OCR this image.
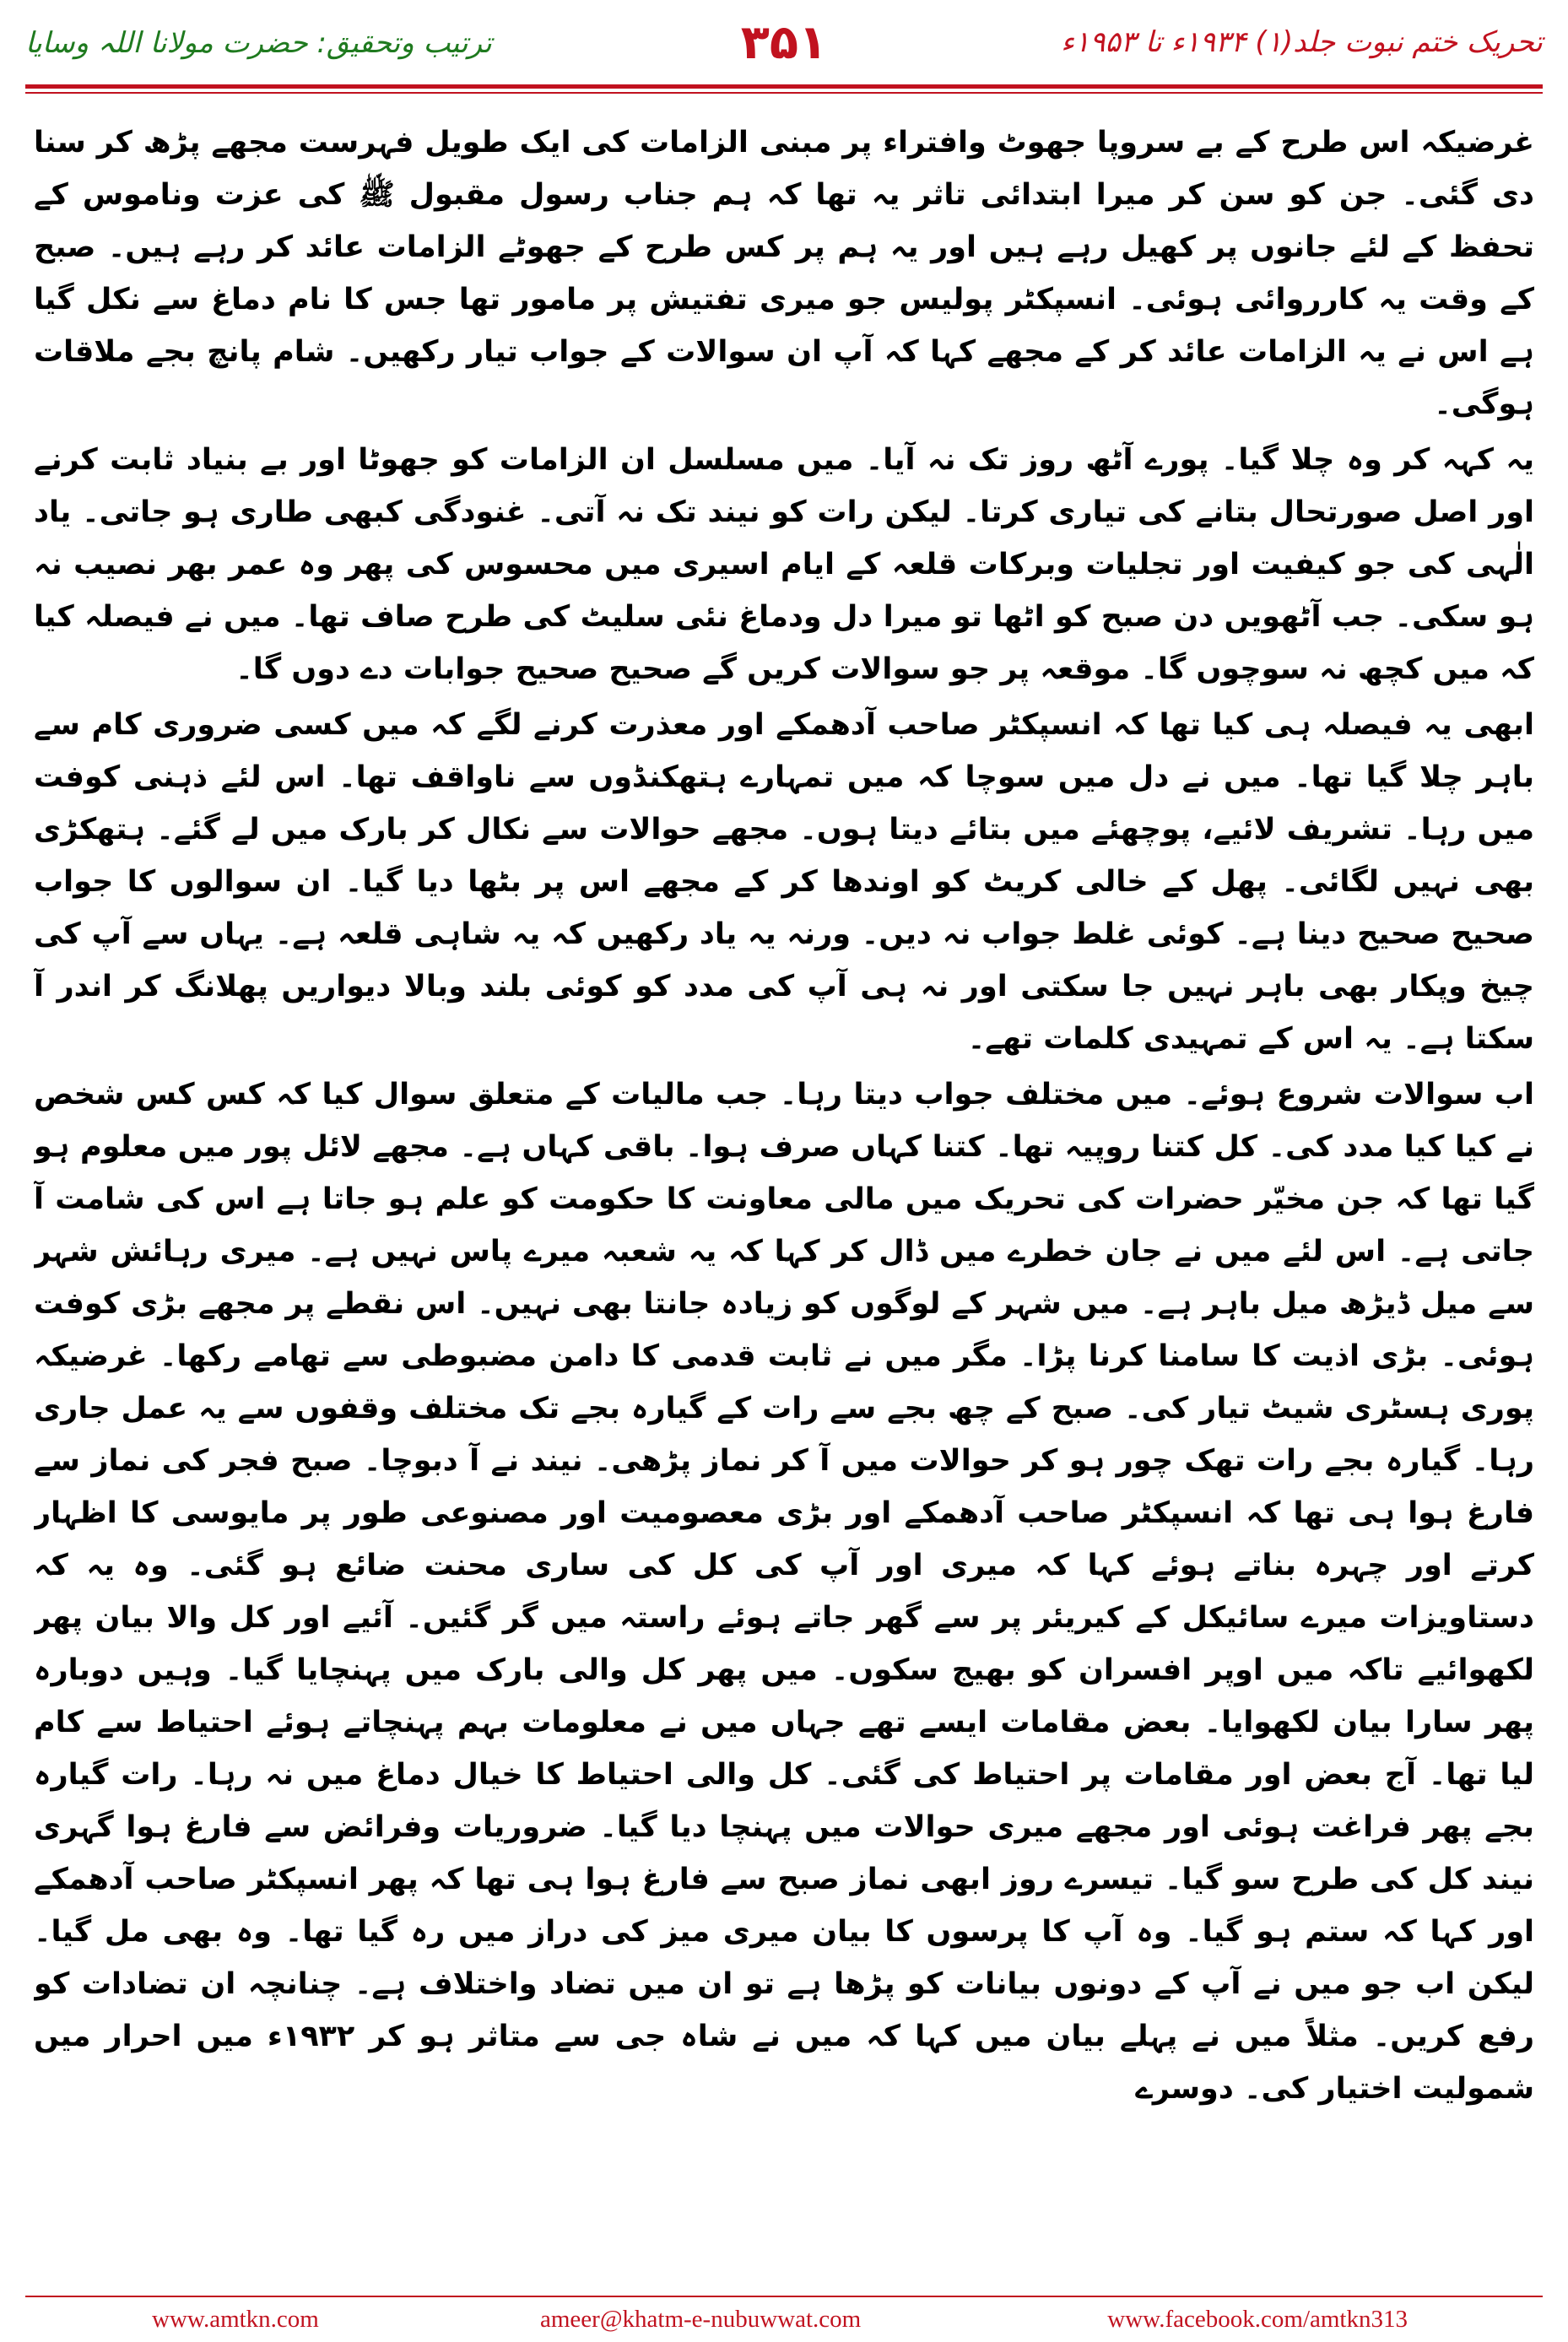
تحریک ختم نبوت جلد(۱) ۱۹۳۴ء تا ۱۹۵۳ء
۳۵۱
ترتیب وتحقیق: حضرت مولانا اللہ وسایا

غرضیکہ اس طرح کے بے سروپا جھوٹ وافتراء پر مبنی الزامات کی ایک طویل فہرست مجھے پڑھ کر سنا دی گئی۔ جن کو سن کر میرا ابتدائی تاثر یہ تھا کہ ہم جناب رسول مقبول ﷺ کی عزت وناموس کے تحفظ کے لئے جانوں پر کھیل رہے ہیں اور یہ ہم پر کس طرح کے جھوٹے الزامات عائد کر رہے ہیں۔ صبح کے وقت یہ کارروائی ہوئی۔ انسپکٹر پولیس جو میری تفتیش پر مامور تھا جس کا نام دماغ سے نکل گیا ہے اس نے یہ الزامات عائد کر کے مجھے کہا کہ آپ ان سوالات کے جواب تیار رکھیں۔ شام پانچ بجے ملاقات ہوگی۔

یہ کہہ کر وہ چلا گیا۔ پورے آٹھ روز تک نہ آیا۔ میں مسلسل ان الزامات کو جھوٹا اور بے بنیاد ثابت کرنے اور اصل صورتحال بتانے کی تیاری کرتا۔ لیکن رات کو نیند تک نہ آتی۔ غنودگی کبھی طاری ہو جاتی۔ یاد الٰہی کی جو کیفیت اور تجلیات وبرکات قلعہ کے ایام اسیری میں محسوس کی پھر وہ عمر بھر نصیب نہ ہو سکی۔ جب آٹھویں دن صبح کو اٹھا تو میرا دل ودماغ نئی سلیٹ کی طرح صاف تھا۔ میں نے فیصلہ کیا کہ میں کچھ نہ سوچوں گا۔ موقعہ پر جو سوالات کریں گے صحیح صحیح جوابات دے دوں گا۔

ابھی یہ فیصلہ ہی کیا تھا کہ انسپکٹر صاحب آدھمکے اور معذرت کرنے لگے کہ میں کسی ضروری کام سے باہر چلا گیا تھا۔ میں نے دل میں سوچا کہ میں تمہارے ہتھکنڈوں سے ناواقف تھا۔ اس لئے ذہنی کوفت میں رہا۔ تشریف لائیے، پوچھئے میں بتائے دیتا ہوں۔ مجھے حوالات سے نکال کر بارک میں لے گئے۔ ہتھکڑی بھی نہیں لگائی۔ پھل کے خالی کریٹ کو اوندھا کر کے مجھے اس پر بٹھا دیا گیا۔ ان سوالوں کا جواب صحیح صحیح دینا ہے۔ کوئی غلط جواب نہ دیں۔ ورنہ یہ یاد رکھیں کہ یہ شاہی قلعہ ہے۔ یہاں سے آپ کی چیخ وپکار بھی باہر نہیں جا سکتی اور نہ ہی آپ کی مدد کو کوئی بلند وبالا دیواریں پھلانگ کر اندر آ سکتا ہے۔ یہ اس کے تمہیدی کلمات تھے۔

اب سوالات شروع ہوئے۔ میں مختلف جواب دیتا رہا۔ جب مالیات کے متعلق سوال کیا کہ کس کس شخص نے کیا کیا مدد کی۔ کل کتنا روپیہ تھا۔ کتنا کہاں صرف ہوا۔ باقی کہاں ہے۔ مجھے لائل پور میں معلوم ہو گیا تھا کہ جن مخیّر حضرات کی تحریک میں مالی معاونت کا حکومت کو علم ہو جاتا ہے اس کی شامت آ جاتی ہے۔ اس لئے میں نے جان خطرے میں ڈال کر کہا کہ یہ شعبہ میرے پاس نہیں ہے۔ میری رہائش شہر سے میل ڈیڑھ میل باہر ہے۔ میں شہر کے لوگوں کو زیادہ جانتا بھی نہیں۔ اس نقطے پر مجھے بڑی کوفت ہوئی۔ بڑی اذیت کا سامنا کرنا پڑا۔ مگر میں نے ثابت قدمی کا دامن مضبوطی سے تھامے رکھا۔ غرضیکہ پوری ہسٹری شیٹ تیار کی۔ صبح کے چھ بجے سے رات کے گیارہ بجے تک مختلف وقفوں سے یہ عمل جاری رہا۔ گیارہ بجے رات تھک چور ہو کر حوالات میں آ کر نماز پڑھی۔ نیند نے آ دبوچا۔ صبح فجر کی نماز سے فارغ ہوا ہی تھا کہ انسپکٹر صاحب آدھمکے اور بڑی معصومیت اور مصنوعی طور پر مایوسی کا اظہار کرتے اور چہرہ بناتے ہوئے کہا کہ میری اور آپ کی کل کی ساری محنت ضائع ہو گئی۔ وہ یہ کہ دستاویزات میرے سائیکل کے کیریئر پر سے گھر جاتے ہوئے راستہ میں گر گئیں۔ آئیے اور کل والا بیان پھر لکھوائیے تاکہ میں اوپر افسران کو بھیج سکوں۔ میں پھر کل والی بارک میں پہنچایا گیا۔ وہیں دوبارہ پھر سارا بیان لکھوایا۔ بعض مقامات ایسے تھے جہاں میں نے معلومات بہم پہنچاتے ہوئے احتیاط سے کام لیا تھا۔ آج بعض اور مقامات پر احتیاط کی گئی۔ کل والی احتیاط کا خیال دماغ میں نہ رہا۔ رات گیارہ بجے پھر فراغت ہوئی اور مجھے میری حوالات میں پہنچا دیا گیا۔ ضروریات وفرائض سے فارغ ہوا گہری نیند کل کی طرح سو گیا۔ تیسرے روز ابھی نماز صبح سے فارغ ہوا ہی تھا کہ پھر انسپکٹر صاحب آدھمکے اور کہا کہ ستم ہو گیا۔ وہ آپ کا پرسوں کا بیان میری میز کی دراز میں رہ گیا تھا۔ وہ بھی مل گیا۔ لیکن اب جو میں نے آپ کے دونوں بیانات کو پڑھا ہے تو ان میں تضاد واختلاف ہے۔ چنانچہ ان تضادات کو رفع کریں۔ مثلاً میں نے پہلے بیان میں کہا کہ میں نے شاہ جی سے متاثر ہو کر ۱۹۳۲ء میں احرار میں شمولیت اختیار کی۔ دوسرے

www.amtkn.com	ameer@khatm-e-nubuwwat.com	www.facebook.com/amtkn313
